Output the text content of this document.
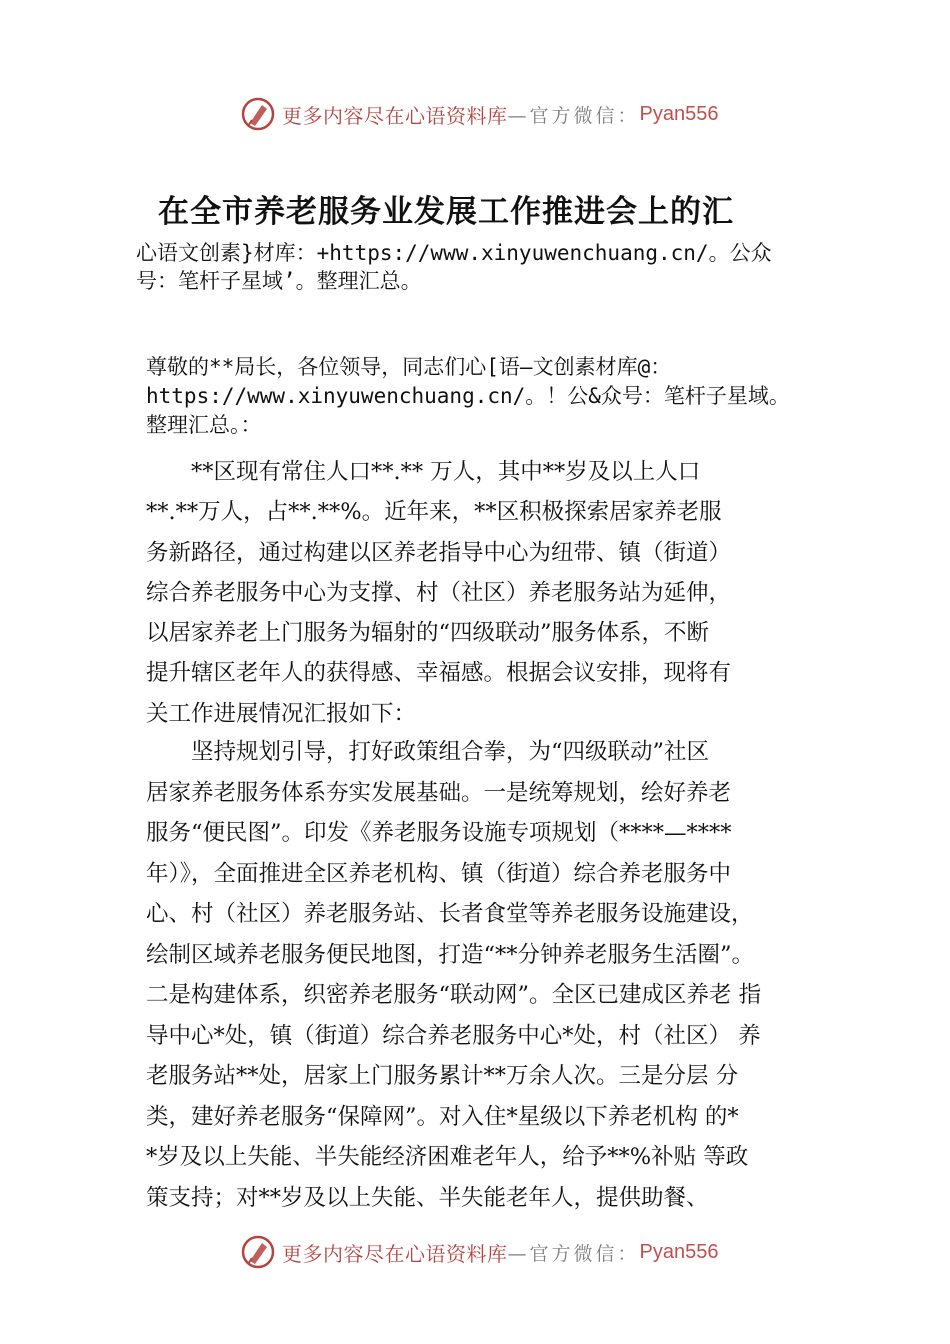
更多内容尽在心语资料库 —官方微信： Pyan556
在全市养老服务业发展工作推进会上的汇
心语文创素}材库：+https://www.xinyuwenchuang.cn/。公众
号：笔杆子星域’。整理汇总。
尊敬的**局长，各位领导，同志们心[语—文创素材库@：
https://www.xinyuwenchuang.cn/。！公&众号：笔杆子星域。
整理汇总。：
　　**区现有常住人口**.** 万人，其中**岁及以上人口
**.**万人，占**.**%。近年来，**区积极探索居家养老服
务新路径，通过构建以区养老指导中心为纽带、镇（街道）
综合养老服务中心为支撑、村（社区）养老服务站为延伸，
以居家养老上门服务为辐射的“四级联动”服务体系，不断
提升辖区老年人的获得感、幸福感。根据会议安排，现将有
关工作进展情况汇报如下：
　　坚持规划引导，打好政策组合拳，为“四级联动”社区
居家养老服务体系夯实发展基础。一是统筹规划，绘好养老
服务“便民图”。印发《养老服务设施专项规划（****—****
年）》，全面推进全区养老机构、镇（街道）综合养老服务中
心、村（社区）养老服务站、长者食堂等养老服务设施建设，
绘制区域养老服务便民地图，打造“**分钟养老服务生活圈”。
二是构建体系，织密养老服务“联动网”。全区已建成区养老 指
导中心*处，镇（街道）综合养老服务中心*处，村（社区） 养
老服务站**处，居家上门服务累计**万余人次。三是分层 分
类，建好养老服务“保障网”。对入住*星级以下养老机构 的*
*岁及以上失能、半失能经济困难老年人，给予**%补贴 等政
策支持；对**岁及以上失能、半失能老年人，提供助餐、
更多内容尽在心语资料库 —官方微信： Pyan556
